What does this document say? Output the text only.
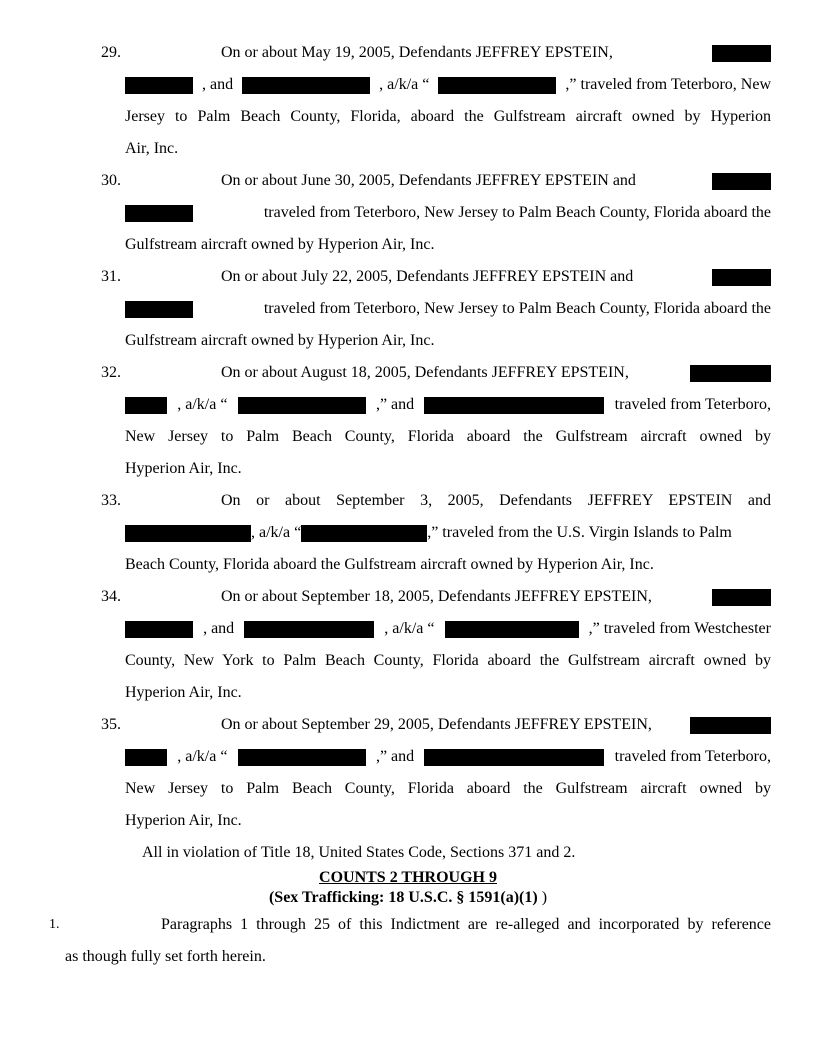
29.	On or about May 19, 2005, Defendants JEFFREY EPSTEIN,
, and	, a/k/a “	,” traveled from Teterboro, New
Jersey to Palm Beach County, Florida, aboard the Gulfstream aircraft owned by Hyperion
Air, Inc.
30.	On or about June 30, 2005, Defendants JEFFREY EPSTEIN and
traveled from Teterboro, New Jersey to Palm Beach County, Florida aboard the
Gulfstream aircraft owned by Hyperion Air, Inc.
31.	On or about July 22, 2005, Defendants JEFFREY EPSTEIN and
traveled from Teterboro, New Jersey to Palm Beach County, Florida aboard the
Gulfstream aircraft owned by Hyperion Air, Inc.
32.	On or about August 18, 2005, Defendants JEFFREY EPSTEIN,
, a/k/a “	,” and	traveled from Teterboro,
New Jersey to Palm Beach County, Florida aboard the Gulfstream aircraft owned by
Hyperion Air, Inc.
33.	On or about September 3, 2005, Defendants JEFFREY EPSTEIN and
, a/k/a “	,” traveled from the U.S. Virgin Islands to Palm
Beach County, Florida aboard the Gulfstream aircraft owned by Hyperion Air, Inc.
34.	On or about September 18, 2005, Defendants JEFFREY EPSTEIN,
, and	, a/k/a “	,” traveled from Westchester
County, New York to Palm Beach County, Florida aboard the Gulfstream aircraft owned by
Hyperion Air, Inc.
35.	On or about September 29, 2005, Defendants JEFFREY EPSTEIN,
, a/k/a “	,” and	traveled from Teterboro,
New Jersey to Palm Beach County, Florida aboard the Gulfstream aircraft owned by
Hyperion Air, Inc.
All in violation of Title 18, United States Code, Sections 371 and 2.
COUNTS 2 THROUGH 9
(Sex Trafficking: 18 U.S.C. § 1591(a)(1) )
1.	Paragraphs 1 through 25 of this Indictment are re-alleged and incorporated by reference
as though fully set forth herein.
